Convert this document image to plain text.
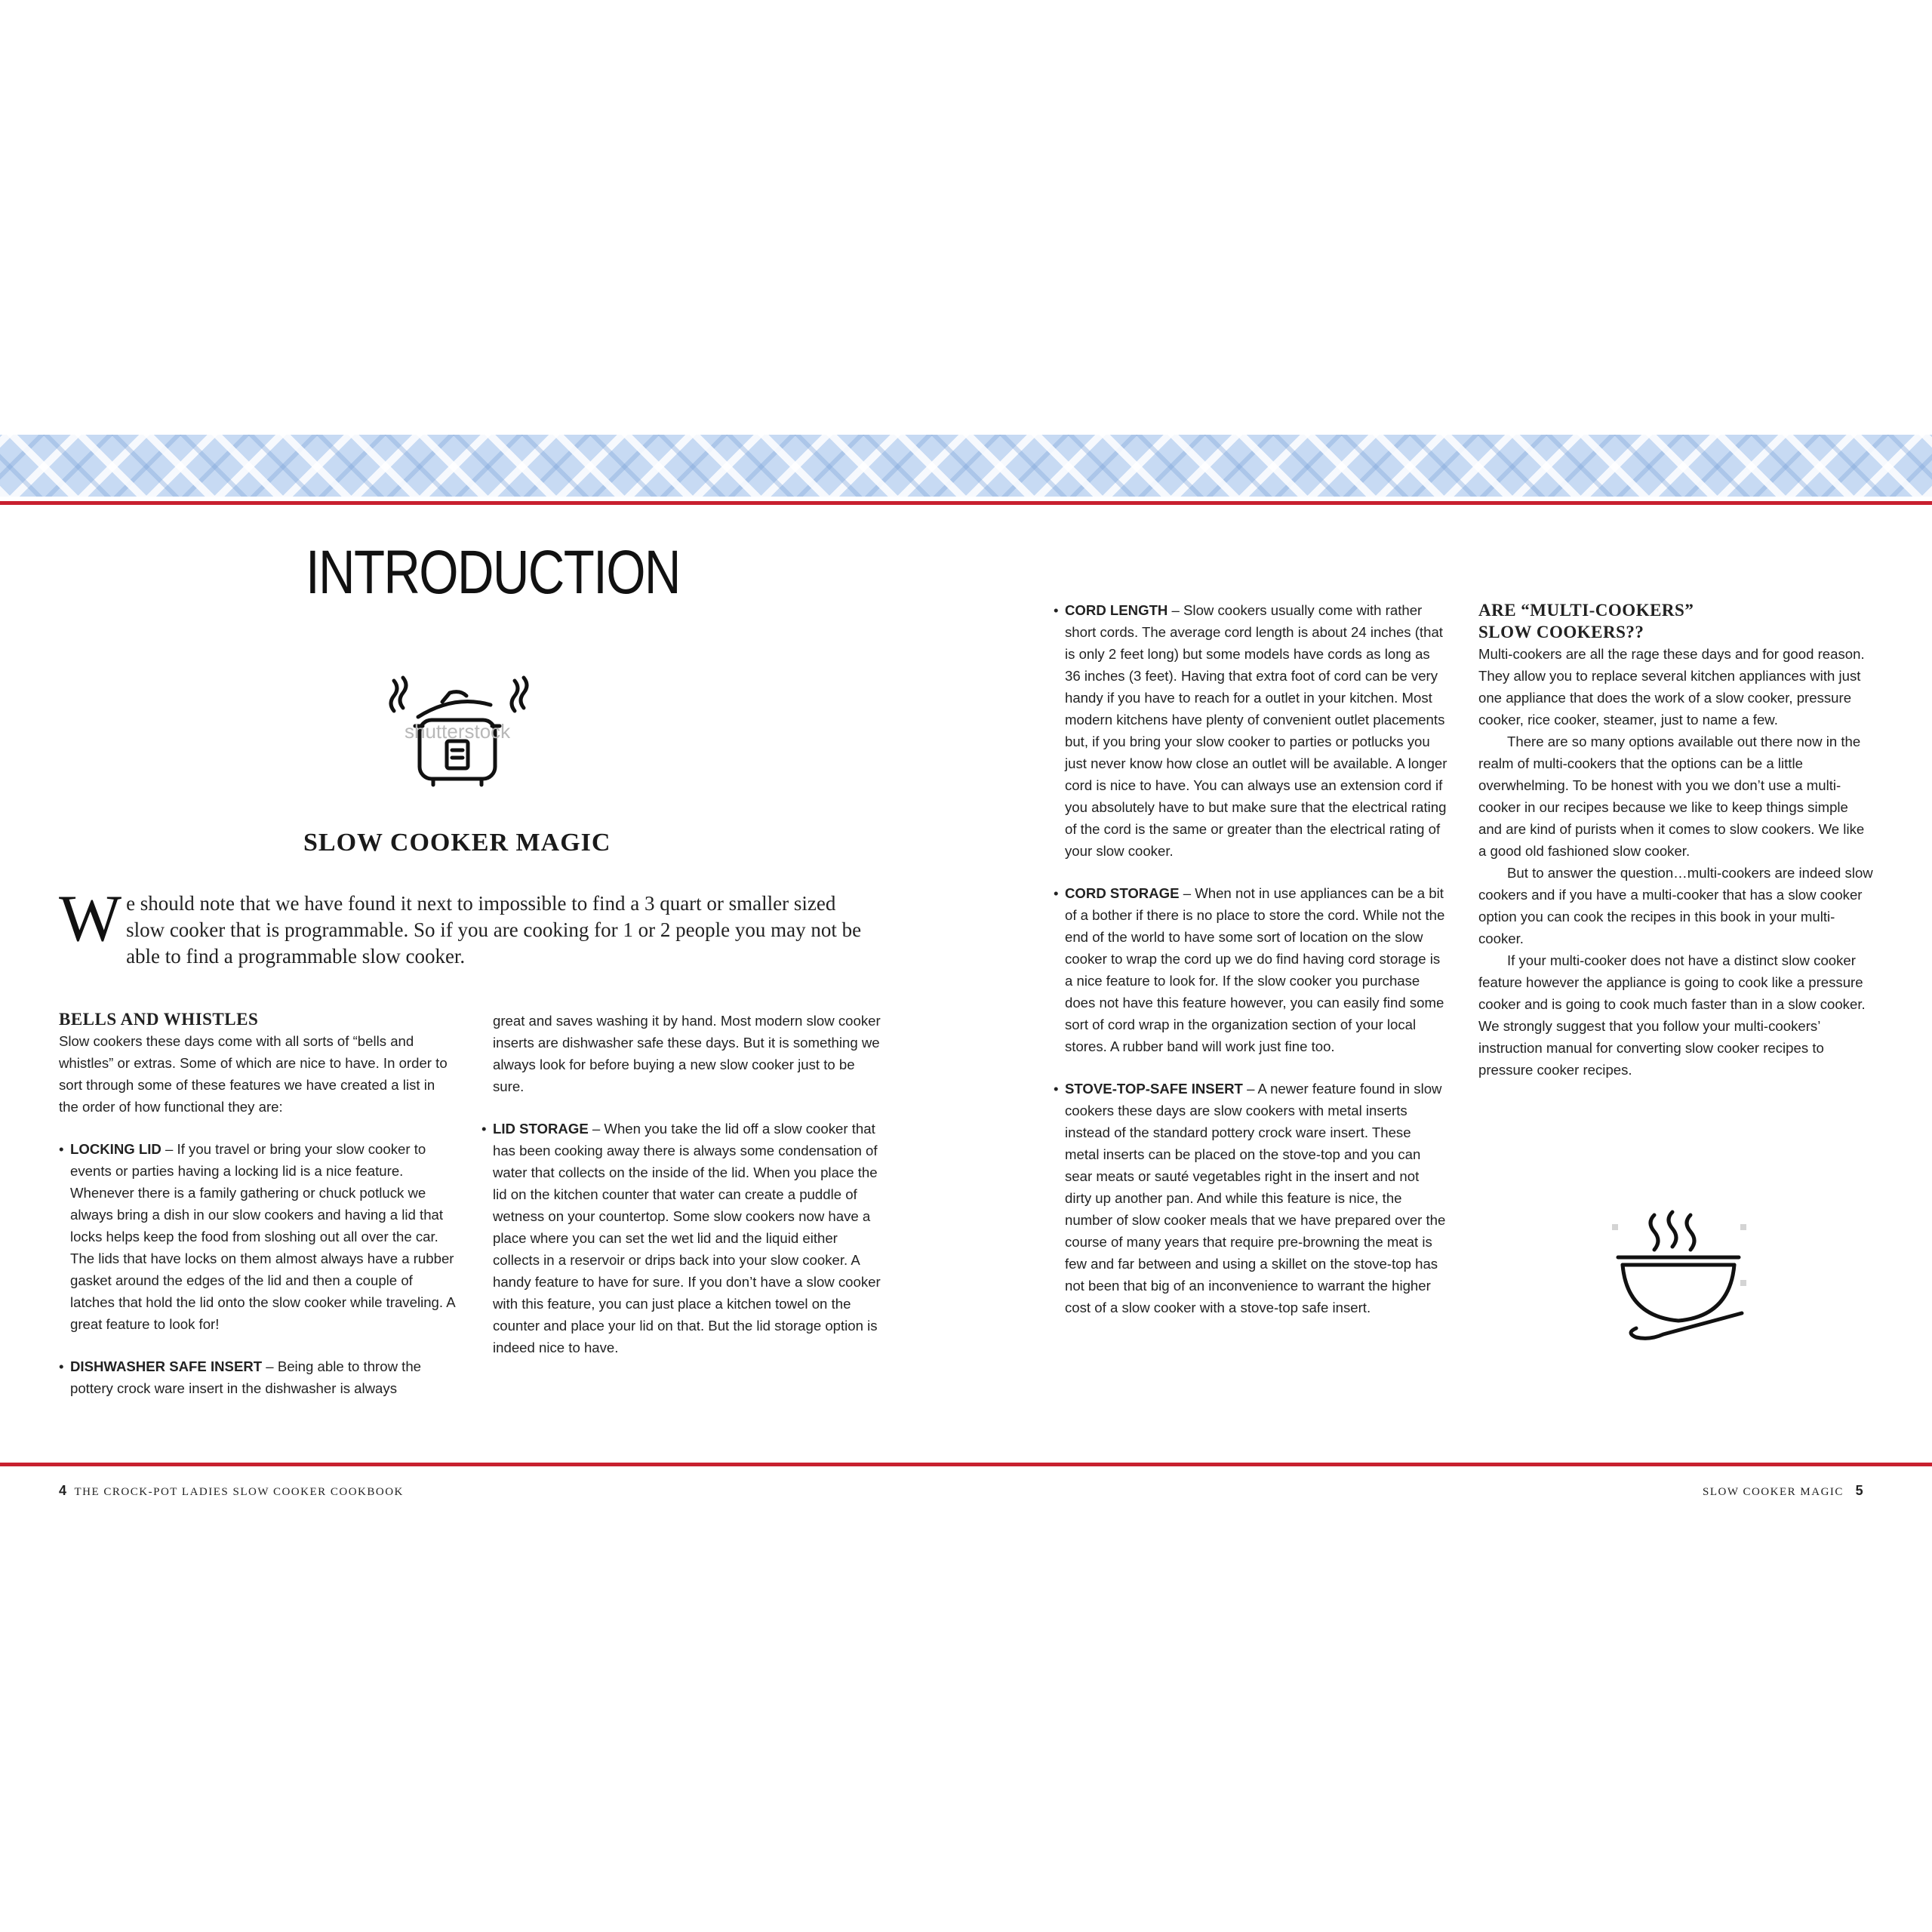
INTRODUCTION
shutterstock
SLOW COOKER MAGIC

We should note that we have found it next to impossible to find a 3 quart or smaller sized slow cooker that is programmable. So if you are cooking for 1 or 2 people you may not be able to find a programmable slow cooker.

BELLS AND WHISTLES

Slow cookers these days come with all sorts of “bells and whistles” or extras. Some of which are nice to have. In order to sort through some of these features we have created a list in the order of how functional they are:

• LOCKING LID – If you travel or bring your slow cooker to events or parties having a locking lid is a nice feature. Whenever there is a family gathering or chuck potluck we always bring a dish in our slow cookers and having a lid that locks helps keep the food from sloshing out all over the car. The lids that have locks on them almost always have a rubber gasket around the edges of the lid and then a couple of latches that hold the lid onto the slow cooker while traveling. A great feature to look for!

• DISHWASHER SAFE INSERT – Being able to throw the pottery crock ware insert in the dishwasher is always

great and saves washing it by hand. Most modern slow cooker inserts are dishwasher safe these days. But it is something we always look for before buying a new slow cooker just to be sure.

• LID STORAGE – When you take the lid off a slow cooker that has been cooking away there is always some condensation of water that collects on the inside of the lid. When you place the lid on the kitchen counter that water can create a puddle of wetness on your countertop. Some slow cookers now have a place where you can set the wet lid and the liquid either collects in a reservoir or drips back into your slow cooker. A handy feature to have for sure. If you don’t have a slow cooker with this feature, you can just place a kitchen towel on the counter and place your lid on that. But the lid storage option is indeed nice to have.

4 THE CROCK-POT LADIES SLOW COOKER COOKBOOK

• CORD LENGTH – Slow cookers usually come with rather short cords. The average cord length is about 24 inches (that is only 2 feet long) but some models have cords as long as 36 inches (3 feet). Having that extra foot of cord can be very handy if you have to reach for a outlet in your kitchen. Most modern kitchens have plenty of convenient outlet placements but, if you bring your slow cooker to parties or potlucks you just never know how close an outlet will be available. A longer cord is nice to have. You can always use an extension cord if you absolutely have to but make sure that the electrical rating of the cord is the same or greater than the electrical rating of your slow cooker.

• CORD STORAGE – When not in use appliances can be a bit of a bother if there is no place to store the cord. While not the end of the world to have some sort of location on the slow cooker to wrap the cord up we do find having cord storage is a nice feature to look for. If the slow cooker you purchase does not have this feature however, you can easily find some sort of cord wrap in the organization section of your local stores. A rubber band will work just fine too.

• STOVE-TOP-SAFE INSERT – A newer feature found in slow cookers these days are slow cookers with metal inserts instead of the standard pottery crock ware insert. These metal inserts can be placed on the stove-top and you can sear meats or sauté vegetables right in the insert and not dirty up another pan. And while this feature is nice, the number of slow cooker meals that we have prepared over the course of many years that require pre-browning the meat is few and far between and using a skillet on the stove-top has not been that big of an inconvenience to warrant the higher cost of a slow cooker with a stove-top safe insert.

ARE “MULTI-COOKERS”
SLOW COOKERS??

Multi-cookers are all the rage these days and for good reason. They allow you to replace several kitchen appliances with just one appliance that does the work of a slow cooker, pressure cooker, rice cooker, steamer, just to name a few.

There are so many options available out there now in the realm of multi-cookers that the options can be a little overwhelming. To be honest with you we don’t use a multi-cooker in our recipes because we like to keep things simple and are kind of purists when it comes to slow cookers. We like a good old fashioned slow cooker.

But to answer the question…multi-cookers are indeed slow cookers and if you have a multi-cooker that has a slow cooker option you can cook the recipes in this book in your multi-cooker.

If your multi-cooker does not have a distinct slow cooker feature however the appliance is going to cook like a pressure cooker and is going to cook much faster than in a slow cooker. We strongly suggest that you follow your multi-cookers’ instruction manual for converting slow cooker recipes to pressure cooker recipes.

SLOW COOKER MAGIC 5
